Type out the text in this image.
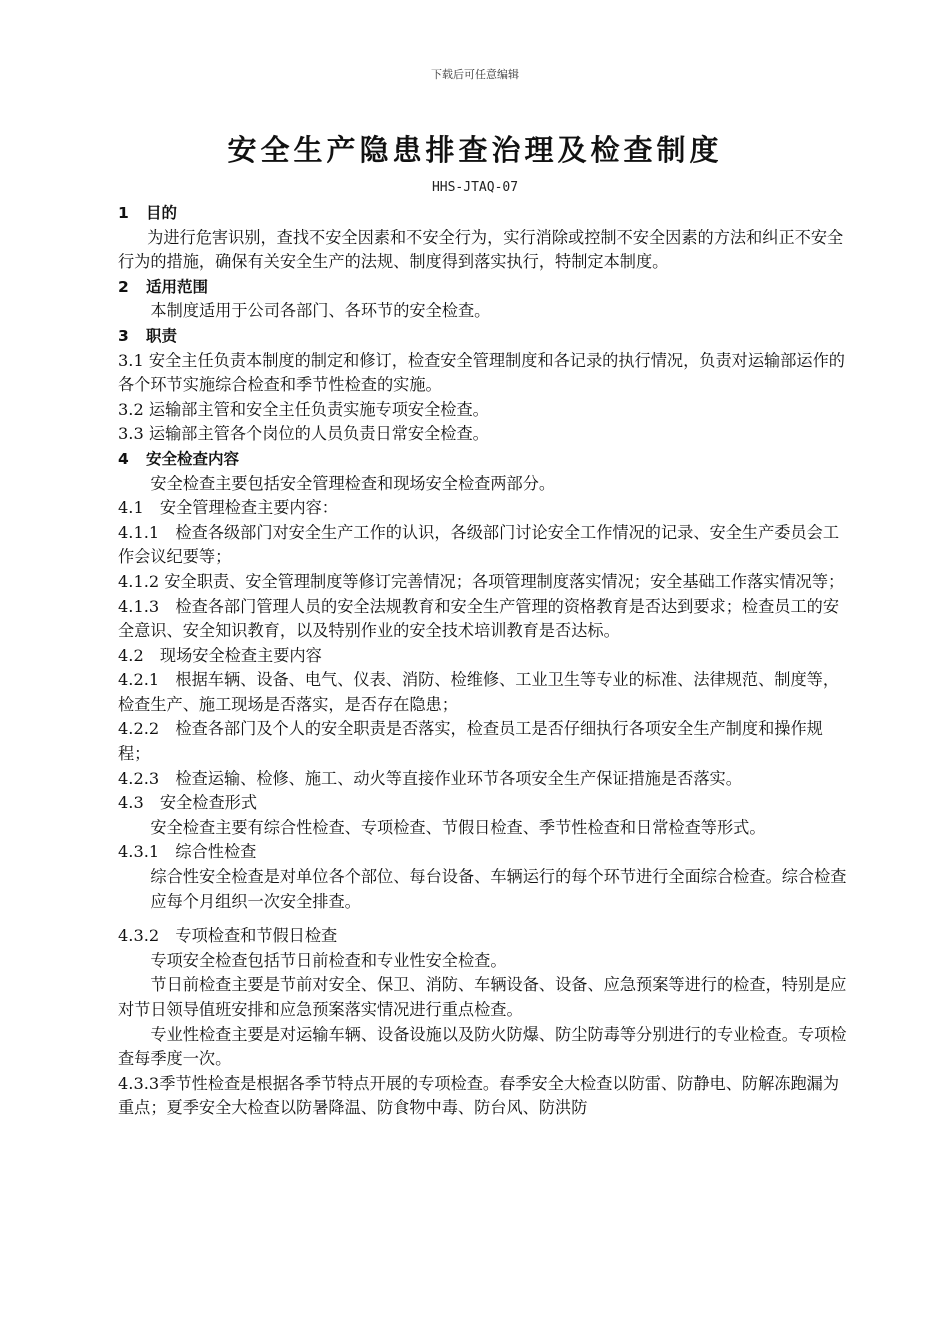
下载后可任意编辑
安全生产隐患排查治理及检查制度
HHS-JTAQ-07

1 目的

为进行危害识别，查找不安全因素和不安全行为，实行消除或控制不安全因素的方法和纠正不安全行为的措施，确保有关安全生产的法规、制度得到落实执行，特制定本制度。

2 适用范围

本制度适用于公司各部门、各环节的安全检查。

3 职责

3.1 安全主任负责本制度的制定和修订，检查安全管理制度和各记录的执行情况，负责对运输部运作的各个环节实施综合检查和季节性检查的实施。

3.2 运输部主管和安全主任负责实施专项安全检查。

3.3 运输部主管各个岗位的人员负责日常安全检查。

4 安全检查内容

安全检查主要包括安全管理检查和现场安全检查两部分。

4.1　安全管理检查主要内容：

4.1.1　检查各级部门对安全生产工作的认识，各级部门讨论安全工作情况的记录、安全生产委员会工作会议纪要等；

4.1.2 安全职责、安全管理制度等修订完善情况；各项管理制度落实情况；安全基础工作落实情况等；

4.1.3　检查各部门管理人员的安全法规教育和安全生产管理的资格教育是否达到要求；检查员工的安全意识、安全知识教育，以及特别作业的安全技术培训教育是否达标。

4.2　现场安全检查主要内容

4.2.1　根据车辆、设备、电气、仪表、消防、检维修、工业卫生等专业的标准、法律规范、制度等，检查生产、施工现场是否落实，是否存在隐患；

4.2.2　检查各部门及个人的安全职责是否落实，检查员工是否仔细执行各项安全生产制度和操作规程；

4.2.3　检查运输、检修、施工、动火等直接作业环节各项安全生产保证措施是否落实。

4.3　安全检查形式

安全检查主要有综合性检查、专项检查、节假日检查、季节性检查和日常检查等形式。

4.3.1　综合性检查

综合性安全检查是对单位各个部位、每台设备、车辆运行的每个环节进行全面综合检查。综合检查应每个月组织一次安全排查。

4.3.2　专项检查和节假日检查

专项安全检查包括节日前检查和专业性安全检查。

节日前检查主要是节前对安全、保卫、消防、车辆设备、设备、应急预案等进行的检查，特别是应对节日领导值班安排和应急预案落实情况进行重点检查。

专业性检查主要是对运输车辆、设备设施以及防火防爆、防尘防毒等分别进行的专业检查。专项检查每季度一次。

4.3.3季节性检查是根据各季节特点开展的专项检查。春季安全大检查以防雷、防静电、防解冻跑漏为重点；夏季安全大检查以防暑降温、防食物中毒、防台风、防洪防
